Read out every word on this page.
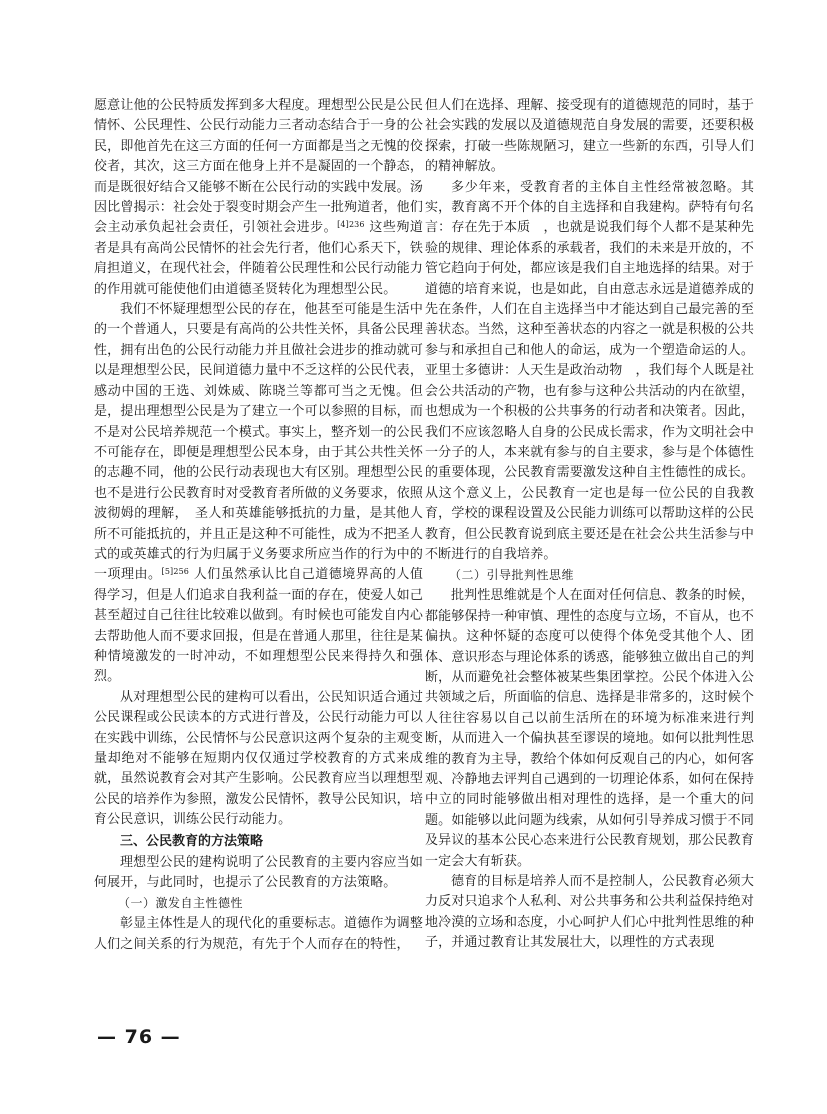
愿意让他的公民特质发挥到多大程度。理想型公民是公民情怀、公民理性、公民行动能力三者动态结合于一身的公民，即他首先在这三方面的任何一方面都是当之无愧的佼佼者，其次，这三方面在他身上并不是凝固的一个静态，而是既很好结合又能够不断在公民行动的实践中发展。汤因比曾揭示：社会处于裂变时期会产生一批殉道者，他们会主动承负起社会责任，引领社会进步。$^{[4]236}$ 这些殉道者是具有高尚公民情怀的社会先行者，他们心系天下，铁肩担道义，在现代社会，伴随着公民理性和公民行动能力的作用就可能使他们由道德圣贤转化为理想型公民。

我们不怀疑理想型公民的存在，他甚至可能是生活中的一个普通人，只要是有高尚的公共性关怀，具备公民理性，拥有出色的公民行动能力并且做社会进步的推动就可以是理想型公民，民间道德力量中不乏这样的公民代表，感动中国的王选、刘姝威、陈晓兰等都可当之无愧。但是，提出理想型公民是为了建立一个可以参照的目标，而不是对公民培养规范一个模式。事实上，整齐划一的公民不可能存在，即便是理想型公民本身，由于其公共性关怀的志趣不同，他的公民行动表现也大有区别。理想型公民也不是进行公民教育时对受教育者所做的义务要求，依照波彻姆的理解，　圣人和英雄能够抵抗的力量，是其他人所不可能抵抗的，并且正是这种不可能性，成为不把圣人式的或英雄式的行为归属于义务要求所应当作的行为中的一项理由。$^{[5]256}$ 人们虽然承认比自己道德境界高的人值得学习，但是人们追求自我利益一面的存在，使爱人如己甚至超过自己往往比较难以做到。有时候也可能发自内心去帮助他人而不要求回报，但是在普通人那里，往往是某种情境激发的一时冲动，不如理想型公民来得持久和强烈。

从对理想型公民的建构可以看出，公民知识适合通过公民课程或公民读本的方式进行普及，公民行动能力可以在实践中训练，公民情怀与公民意识这两个复杂的主观变量却绝对不能够在短期内仅仅通过学校教育的方式来成就，虽然说教育会对其产生影响。公民教育应当以理想型公民的培养作为参照，激发公民情怀，教导公民知识，培育公民意识，训练公民行动能力。

三、公民教育的方法策略

理想型公民的建构说明了公民教育的主要内容应当如何展开，与此同时，也提示了公民教育的方法策略。

（一）激发自主性德性

彰显主体性是人的现代化的重要标志。道德作为调整人们之间关系的行为规范，有先于个人而存在的特性，

但人们在选择、理解、接受现有的道德规范的同时，基于社会实践的发展以及道德规范自身发展的需要，还要积极探索，打破一些陈规陋习，建立一些新的东西，引导人们的精神解放。

多少年来，受教育者的主体自主性经常被忽略。其实，教育离不开个体的自主选择和自我建构。萨特有句名言：存在先于本质　，也就是说我们每个人都不是某种先验的规律、理论体系的承载者，我们的未来是开放的，不管它趋向于何处，都应该是我们自主地选择的结果。对于道德的培育来说，也是如此，自由意志永远是道德养成的先在条件，人们在自主选择当中才能达到自己最完善的至善状态。当然，这种至善状态的内容之一就是积极的公共参与和承担自己和他人的命运，成为一个塑造命运的人。亚里士多德讲：人天生是政治动物　，我们每个人既是社会公共活动的产物，也有参与这种公共活动的内在欲望，也想成为一个积极的公共事务的行动者和决策者。因此，我们不应该忽略人自身的公民成长需求，作为文明社会中一分子的人，本来就有参与的自主要求，参与是个体德性的重要体现，公民教育需要激发这种自主性德性的成长。从这个意义上，公民教育一定也是每一位公民的自我教育，学校的课程设置及公民能力训练可以帮助这样的公民教育，但公民教育说到底主要还是在社会公共生活参与中不断进行的自我培养。

（二）引导批判性思维

批判性思维就是个人在面对任何信息、教条的时候，都能够保持一种审慎、理性的态度与立场，不盲从，也不偏执。这种怀疑的态度可以使得个体免受其他个人、团体、意识形态与理论体系的诱惑，能够独立做出自己的判断，从而避免社会整体被某些集团掌控。公民个体进入公共领域之后，所面临的信息、选择是非常多的，这时候个人往往容易以自己以前生活所在的环境为标准来进行判断，从而进入一个偏执甚至谬误的境地。如何以批判性思维的教育为主导，教给个体如何反观自己的内心，如何客观、冷静地去评判自己遇到的一切理论体系，如何在保持中立的同时能够做出相对理性的选择，是一个重大的问题。如能够以此问题为线索，从如何引导养成习惯于不同及异议的基本公民心态来进行公民教育规划，那公民教育一定会大有斩获。

德育的目标是培养人而不是控制人，公民教育必须大力反对只追求个人私利、对公共事务和公共利益保持绝对地冷漠的立场和态度，小心呵护人们心中批判性思维的种子，并通过教育让其发展壮大，以理性的方式表现

— 76 —
